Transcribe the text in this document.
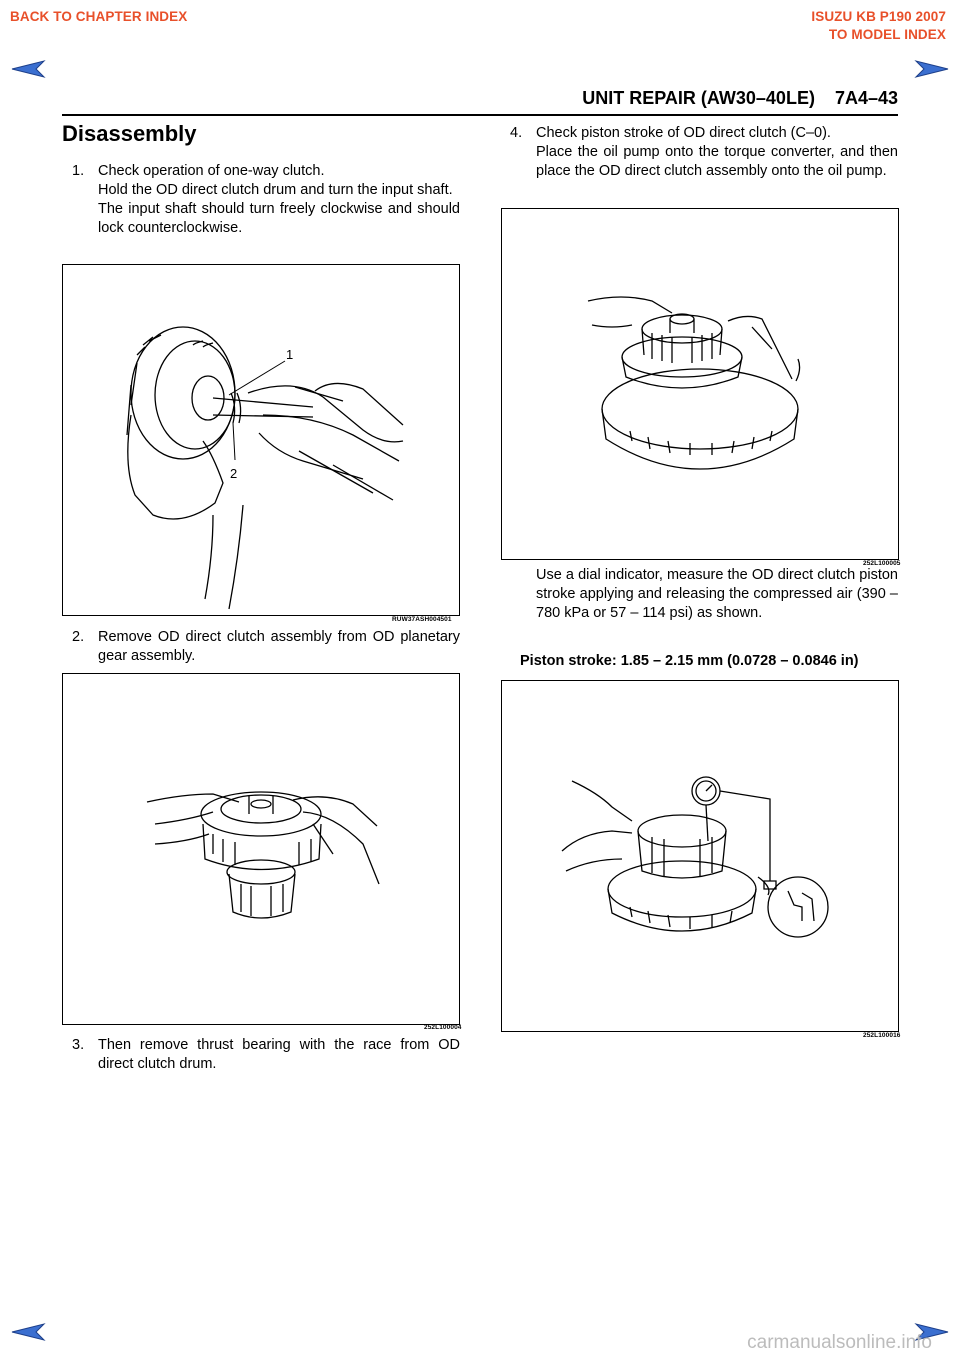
BACK TO CHAPTER INDEX	ISUZU KB P190 2007
TO MODEL INDEX
UNIT REPAIR (AW30–40LE)    7A4–43
Disassembly
1. Check operation of one-way clutch.

Hold the OD direct clutch drum and turn the input shaft.

The input shaft should turn freely clockwise and should lock counterclockwise.

1
2
RUW37ASH004501
2. Remove OD direct clutch assembly from OD planetary gear assembly.

252L100004
3. Then remove thrust bearing with the race from OD direct clutch drum.

4. Check piston stroke of OD direct clutch (C–0).

Place the oil pump onto the torque converter, and then place the OD direct clutch assembly onto the oil pump.

252L100005

Use a dial indicator, measure the OD direct clutch piston stroke applying and releasing the compressed air (390 – 780 kPa or 57 – 114 psi) as shown.

Piston stroke: 1.85 – 2.15 mm (0.0728 – 0.0846 in)
252L100016
carmanualsonline.info
